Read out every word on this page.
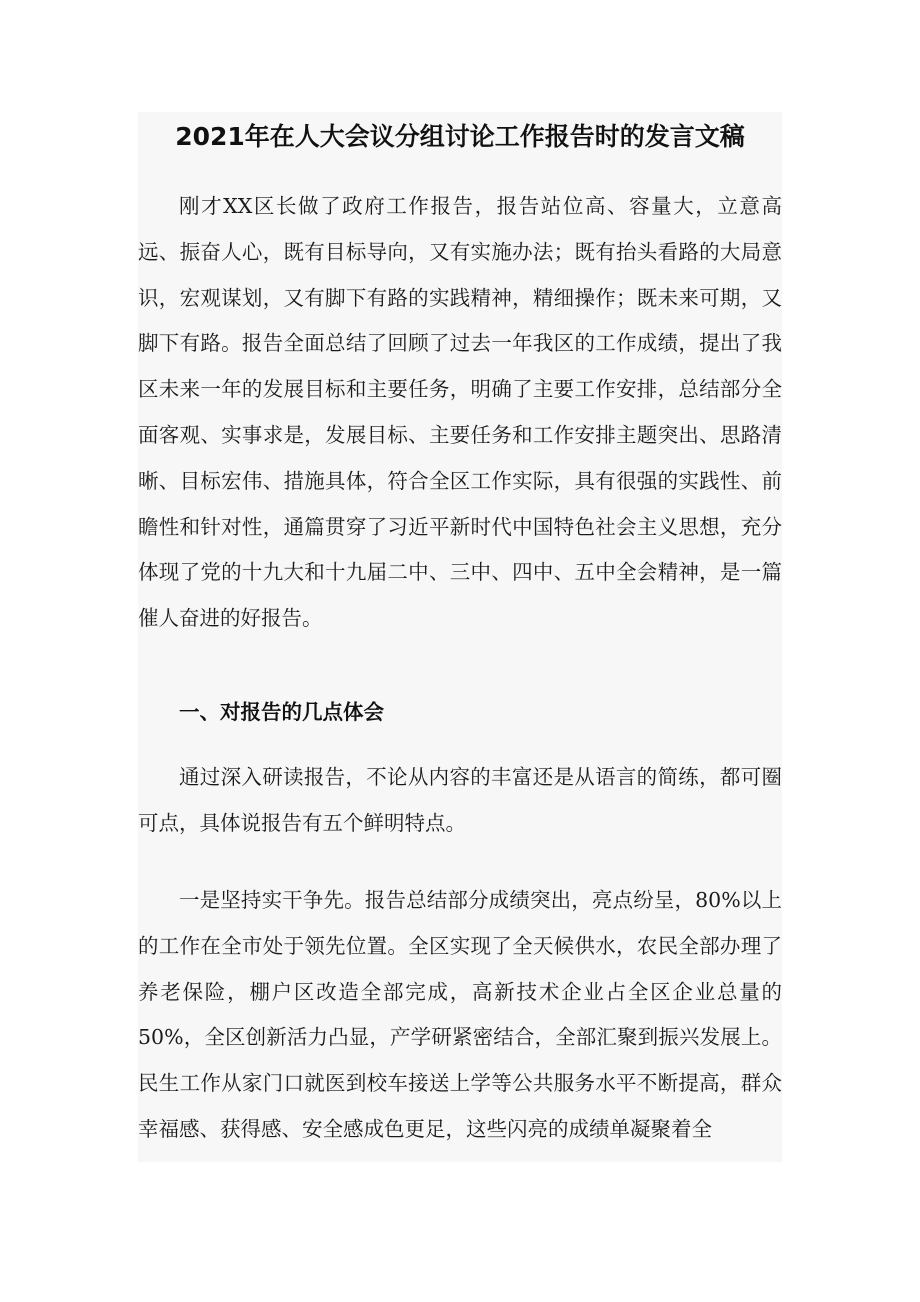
2021年在人大会议分组讨论工作报告时的发言文稿
刚才XX区长做了政府工作报告，报告站位高、容量大，立意高远、振奋人心，既有目标导向，又有实施办法；既有抬头看路的大局意识，宏观谋划，又有脚下有路的实践精神，精细操作；既未来可期，又脚下有路。报告全面总结了回顾了过去一年我区的工作成绩，提出了我区未来一年的发展目标和主要任务，明确了主要工作安排，总结部分全面客观、实事求是，发展目标、主要任务和工作安排主题突出、思路清晰、目标宏伟、措施具体，符合全区工作实际，具有很强的实践性、前瞻性和针对性，通篇贯穿了习近平新时代中国特色社会主义思想，充分体现了党的十九大和十九届二中、三中、四中、五中全会精神，是一篇催人奋进的好报告。
一、对报告的几点体会
通过深入研读报告，不论从内容的丰富还是从语言的简练，都可圈可点，具体说报告有五个鲜明特点。
一是坚持实干争先。报告总结部分成绩突出，亮点纷呈，80%以上的工作在全市处于领先位置。全区实现了全天候供水，农民全部办理了养老保险，棚户区改造全部完成，高新技术企业占全区企业总量的50%，全区创新活力凸显，产学研紧密结合，全部汇聚到振兴发展上。民生工作从家门口就医到校车接送上学等公共服务水平不断提高，群众幸福感、获得感、安全感成色更足，这些闪亮的成绩单凝聚着全
